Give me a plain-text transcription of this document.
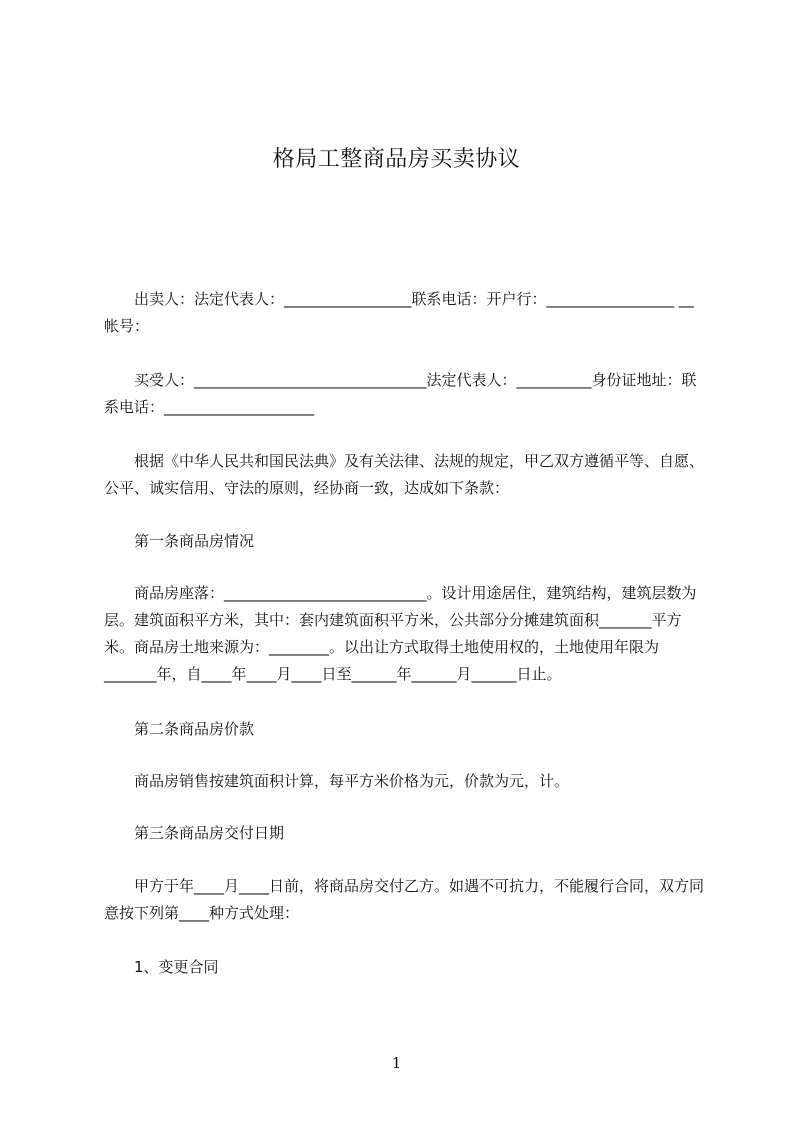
格局工整商品房买卖协议

　　出卖人：法定代表人：_________________联系电话：开户行：_________________ __帐号：

　　买受人：_______________________________法定代表人：__________身份证地址：联系电话：____________________

　　根据《中华人民共和国民法典》及有关法律、法规的规定，甲乙双方遵循平等、自愿、公平、诚实信用、守法的原则，经协商一致，达成如下条款：

　　第一条商品房情况

　　商品房座落：___________________________。设计用途居住，建筑结构，建筑层数为层。建筑面积平方米，其中：套内建筑面积平方米，公共部分分摊建筑面积_______平方米。商品房土地来源为：________。以出让方式取得土地使用权的，土地使用年限为_______年，自____年____月____日至______年______月______日止。

　　第二条商品房价款

　　商品房销售按建筑面积计算，每平方米价格为元，价款为元，计。

　　第三条商品房交付日期

　　甲方于年____月____日前，将商品房交付乙方。如遇不可抗力，不能履行合同，双方同意按下列第____种方式处理：

　　1、变更合同

1
